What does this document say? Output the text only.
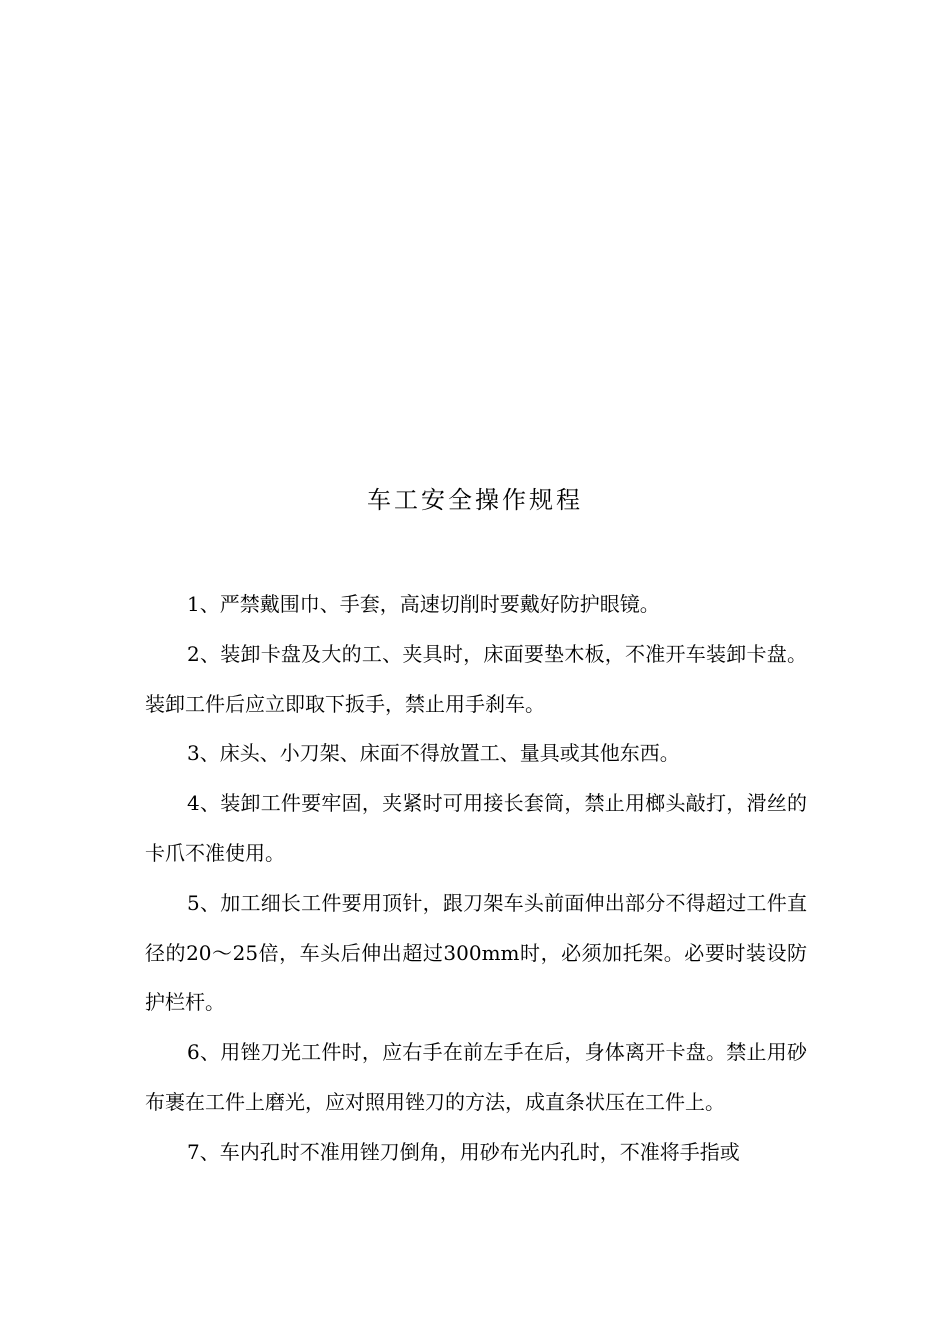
车工安全操作规程

1、严禁戴围巾、手套，高速切削时要戴好防护眼镜。

2、装卸卡盘及大的工、夹具时，床面要垫木板，不准开车装卸卡盘。装卸工件后应立即取下扳手，禁止用手刹车。

3、床头、小刀架、床面不得放置工、量具或其他东西。

4、装卸工件要牢固，夹紧时可用接长套筒，禁止用榔头敲打，滑丝的卡爪不准使用。

5、加工细长工件要用顶针，跟刀架车头前面伸出部分不得超过工件直径的20～25倍，车头后伸出超过300mm时，必须加托架。必要时装设防护栏杆。

6、用锉刀光工件时，应右手在前左手在后，身体离开卡盘。禁止用砂布裹在工件上磨光，应对照用锉刀的方法，成直条状压在工件上。

7、车内孔时不准用锉刀倒角，用砂布光内孔时，不准将手指或
